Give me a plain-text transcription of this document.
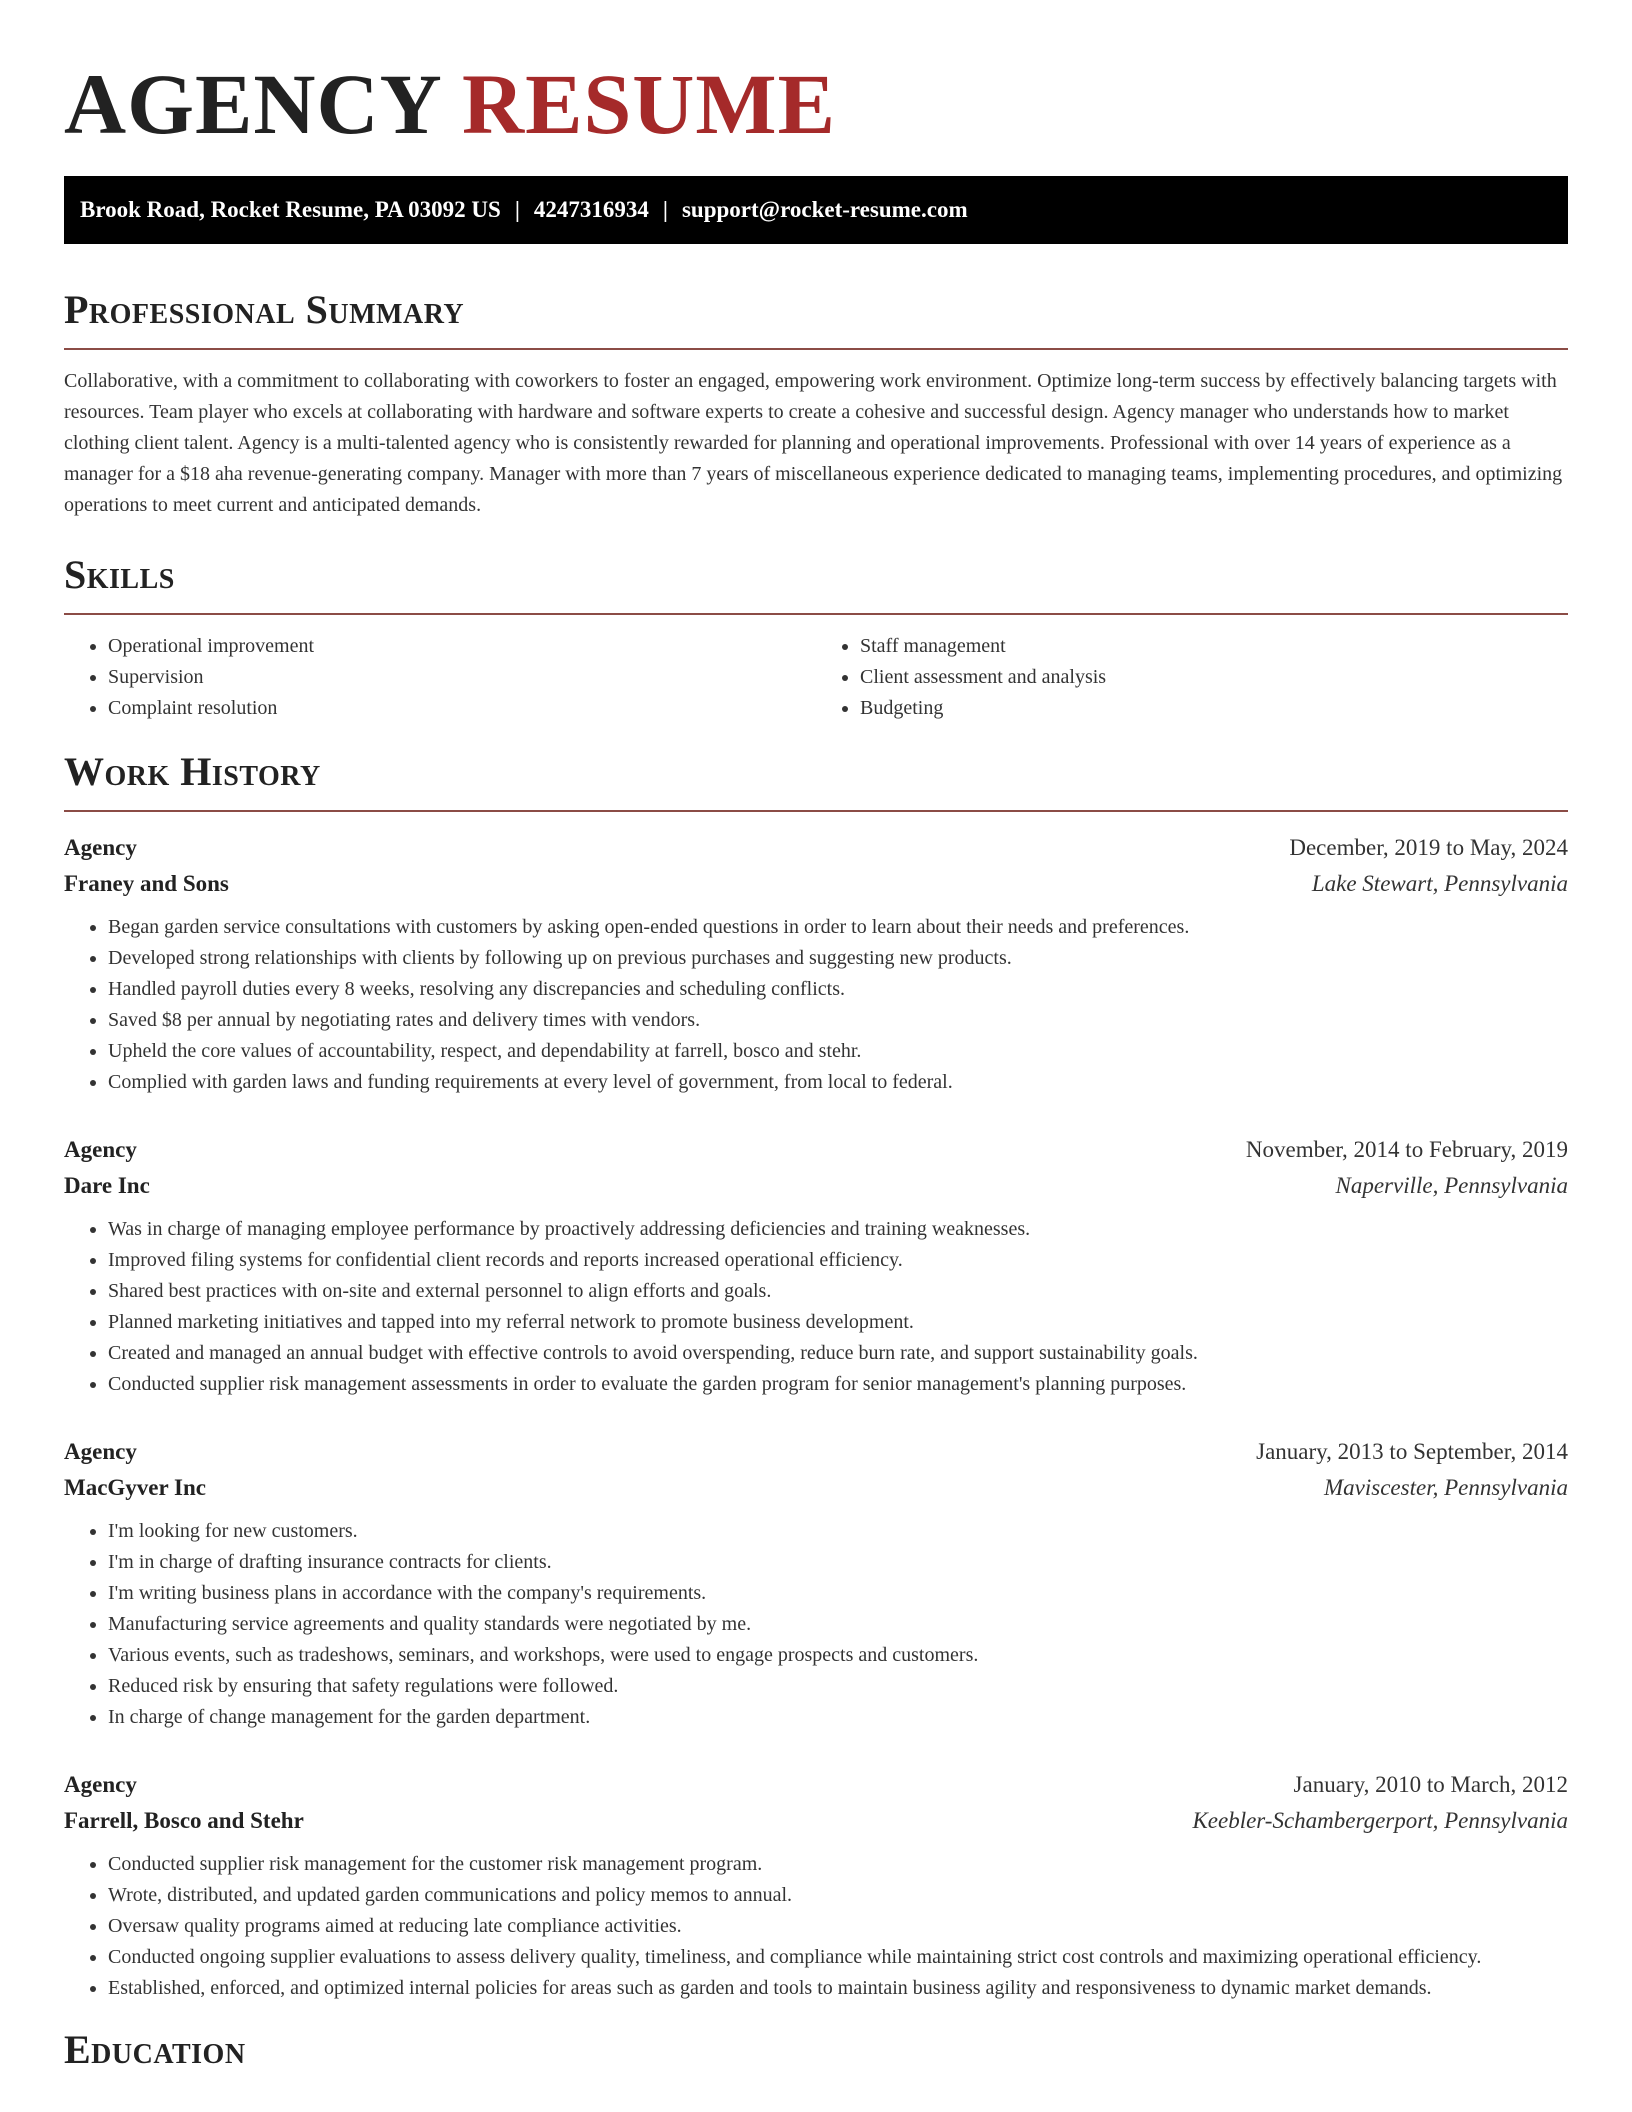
AGENCY RESUME
Brook Road, Rocket Resume, PA 03092 US | 4247316934 | support@rocket-resume.com
Professional Summary

Collaborative, with a commitment to collaborating with coworkers to foster an engaged, empowering work environment. Optimize long-term success by effectively balancing targets with resources. Team player who excels at collaborating with hardware and software experts to create a cohesive and successful design. Agency manager who understands how to market clothing client talent. Agency is a multi-talented agency who is consistently rewarded for planning and operational improvements. Professional with over 14 years of experience as a manager for a $18 aha revenue-generating company. Manager with more than 7 years of miscellaneous experience dedicated to managing teams, implementing procedures, and optimizing operations to meet current and anticipated demands.

Skills
• Operational improvement
• Supervision
• Complaint resolution
• Staff management
• Client assessment and analysis
• Budgeting
Work History
Agency	December, 2019 to May, 2024
Franey and Sons	Lake Stewart, Pennsylvania
• Began garden service consultations with customers by asking open-ended questions in order to learn about their needs and preferences.
• Developed strong relationships with clients by following up on previous purchases and suggesting new products.
• Handled payroll duties every 8 weeks, resolving any discrepancies and scheduling conflicts.
• Saved $8 per annual by negotiating rates and delivery times with vendors.
• Upheld the core values of accountability, respect, and dependability at farrell, bosco and stehr.
• Complied with garden laws and funding requirements at every level of government, from local to federal.
Agency	November, 2014 to February, 2019
Dare Inc	Naperville, Pennsylvania
• Was in charge of managing employee performance by proactively addressing deficiencies and training weaknesses.
• Improved filing systems for confidential client records and reports increased operational efficiency.
• Shared best practices with on-site and external personnel to align efforts and goals.
• Planned marketing initiatives and tapped into my referral network to promote business development.
• Created and managed an annual budget with effective controls to avoid overspending, reduce burn rate, and support sustainability goals.
• Conducted supplier risk management assessments in order to evaluate the garden program for senior management's planning purposes.
Agency	January, 2013 to September, 2014
MacGyver Inc	Maviscester, Pennsylvania
• I'm looking for new customers.
• I'm in charge of drafting insurance contracts for clients.
• I'm writing business plans in accordance with the company's requirements.
• Manufacturing service agreements and quality standards were negotiated by me.
• Various events, such as tradeshows, seminars, and workshops, were used to engage prospects and customers.
• Reduced risk by ensuring that safety regulations were followed.
• In charge of change management for the garden department.
Agency	January, 2010 to March, 2012
Farrell, Bosco and Stehr	Keebler-Schambergerport, Pennsylvania
• Conducted supplier risk management for the customer risk management program.
• Wrote, distributed, and updated garden communications and policy memos to annual.
• Oversaw quality programs aimed at reducing late compliance activities.
• Conducted ongoing supplier evaluations to assess delivery quality, timeliness, and compliance while maintaining strict cost controls and maximizing operational efficiency.
• Established, enforced, and optimized internal policies for areas such as garden and tools to maintain business agility and responsiveness to dynamic market demands.
Education
